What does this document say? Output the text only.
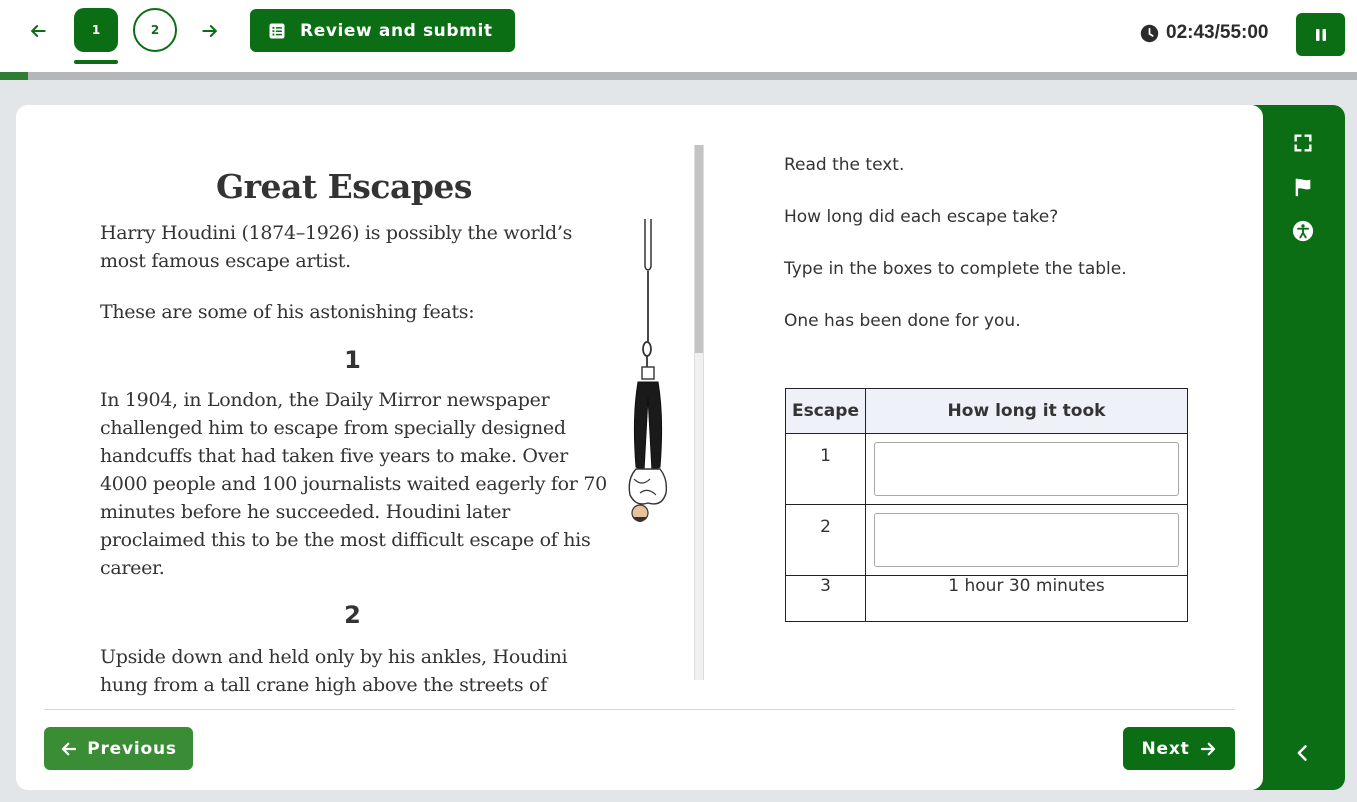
1	2	Review and submit	02:43/55:00
Great Escapes
Harry Houdini (1874–1926) is possibly the world’s most famous escape artist.
These are some of his astonishing feats:
1
In 1904, in London, the Daily Mirror newspaper challenged him to escape from specially designed handcuffs that had taken five years to make. Over 4000 people and 100 journalists waited eagerly for 70 minutes before he succeeded. Houdini later proclaimed this to be the most difficult escape of his career.
2
Upside down and held only by his ankles, Houdini hung from a tall crane high above the streets of
Read the text.
How long did each escape take?
Type in the boxes to complete the table.
One has been done for you.
Escape	How long it took
1	
2	
3	1 hour 30 minutes
Previous	Next
